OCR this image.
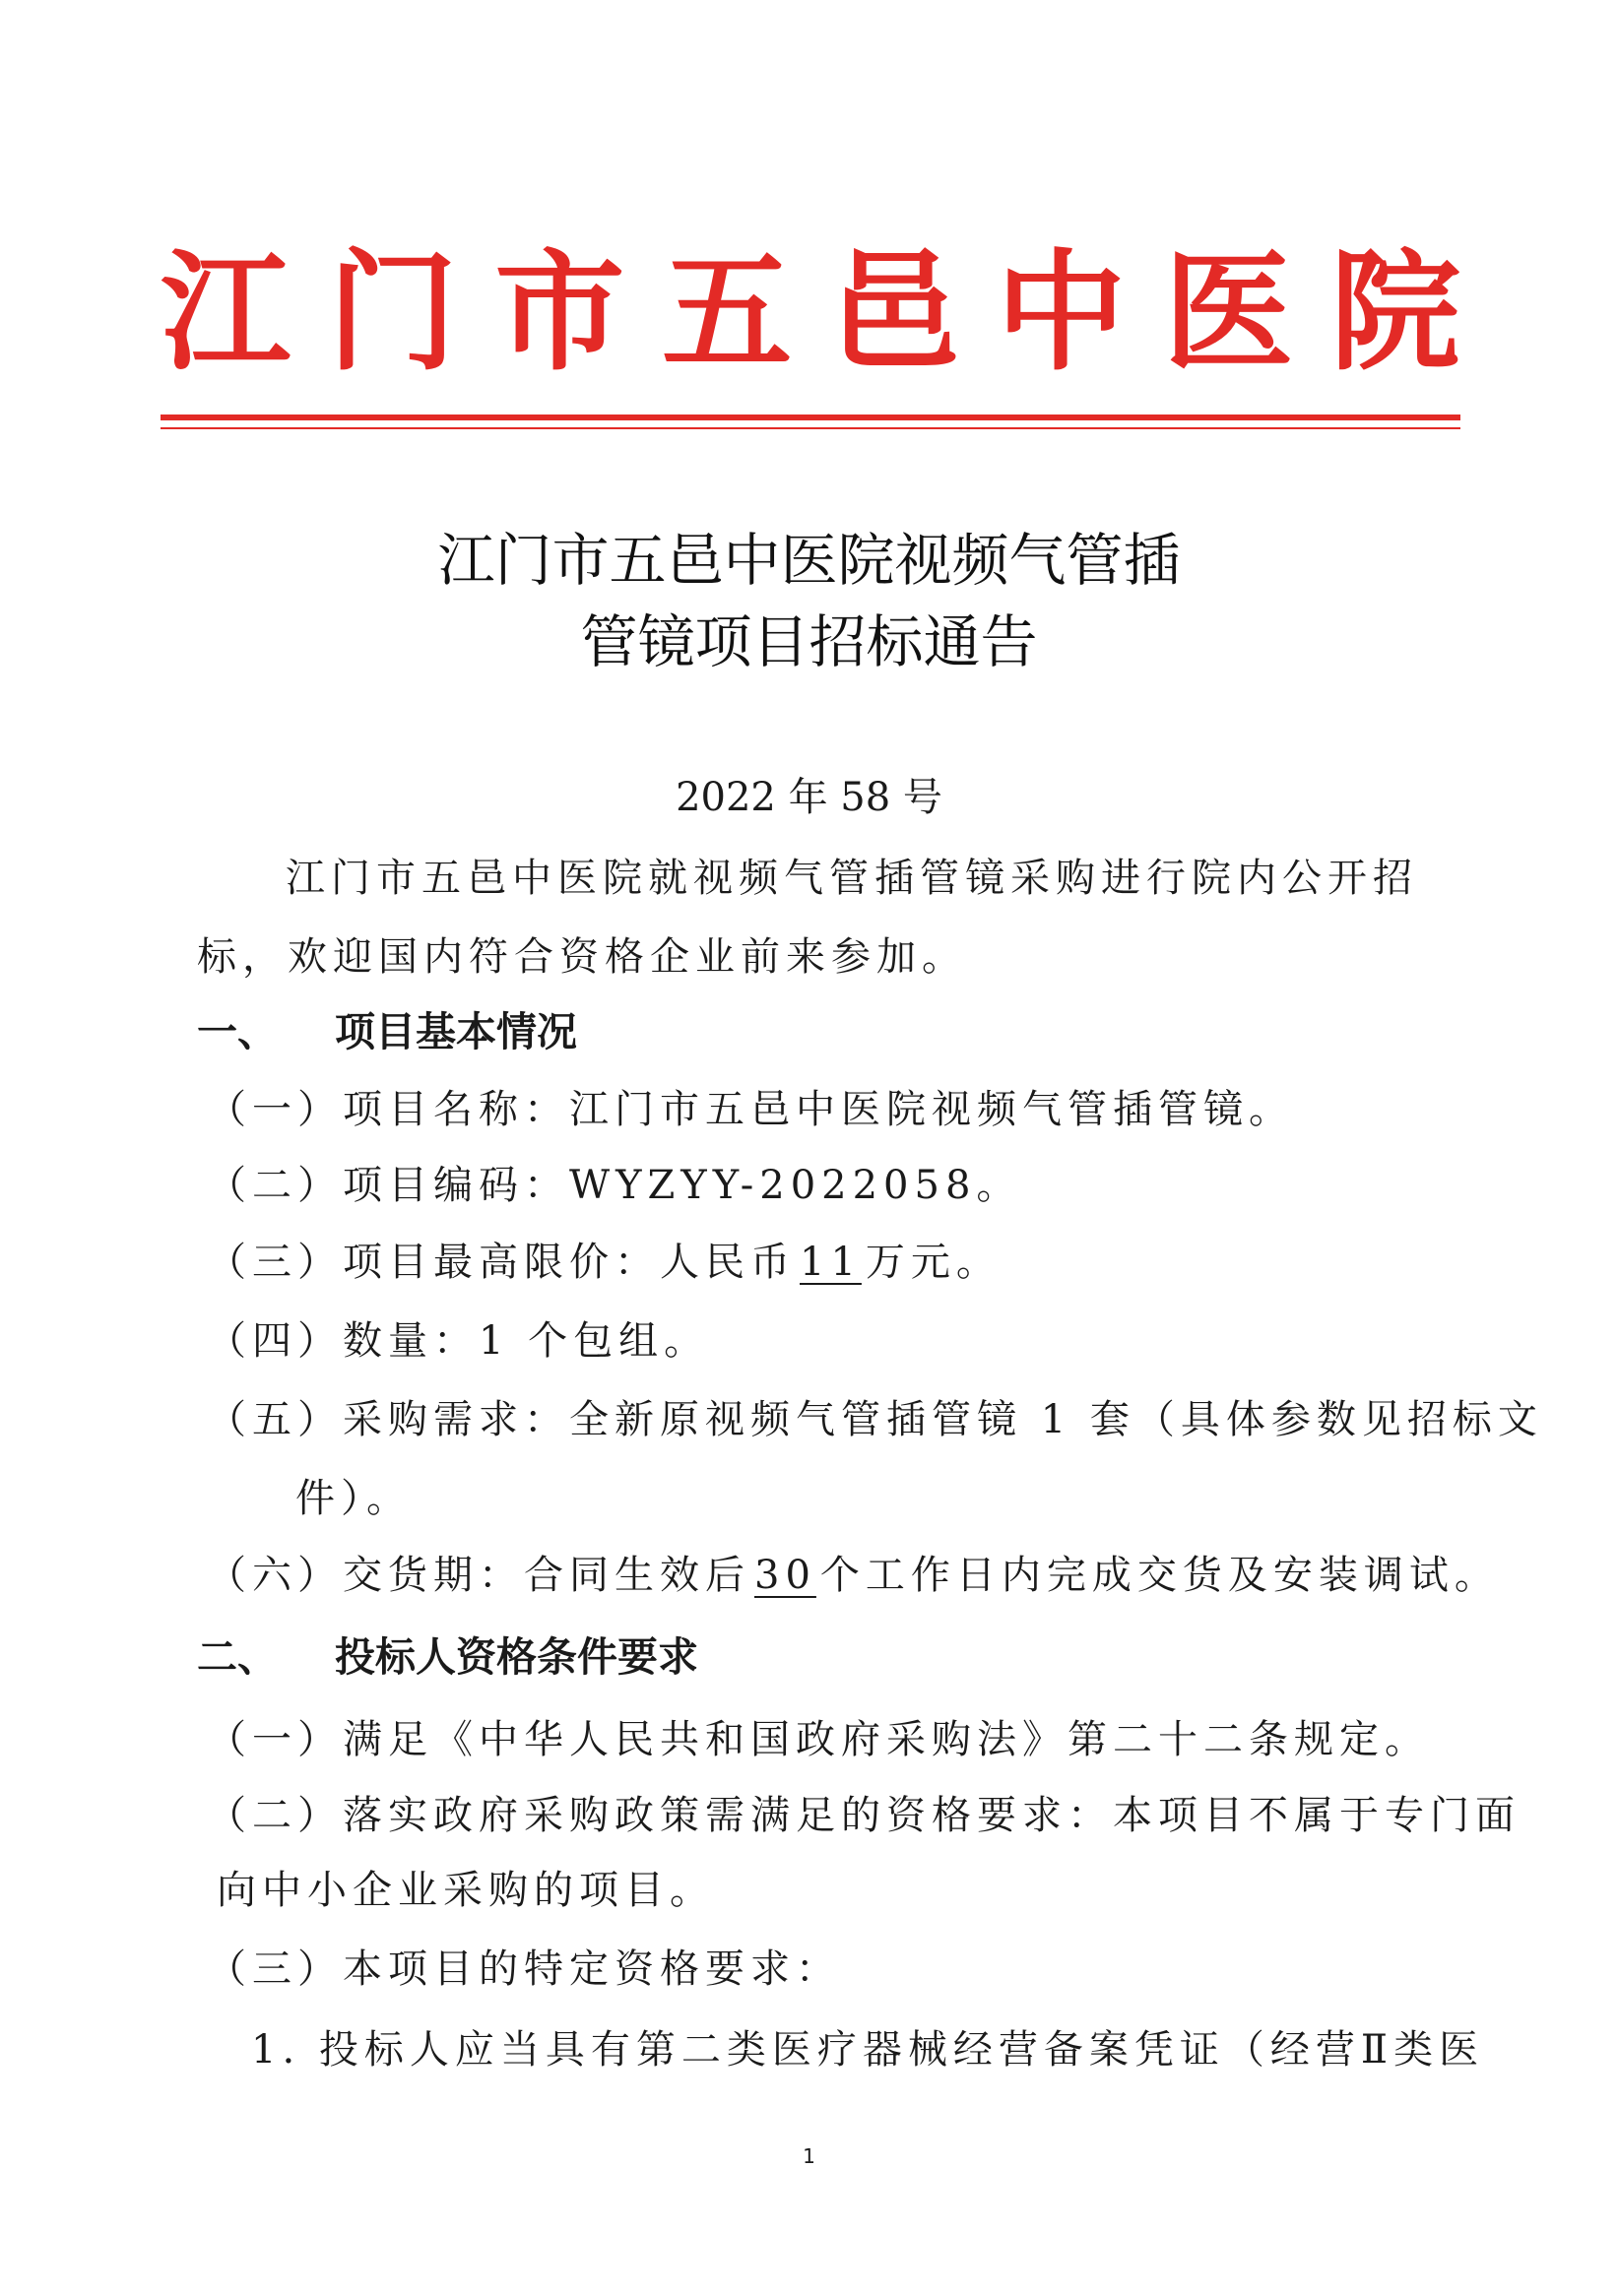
江 门 市 五 邑 中 医 院
江门市五邑中医院视频气管插
管镜项目招标通告
2022 年 58 号
江门市五邑中医院就视频气管插管镜采购进行院内公开招
标，欢迎国内符合资格企业前来参加。
一、 项目基本情况
（一）项目名称：江门市五邑中医院视频气管插管镜。
（二）项目编码：WYZYY-2022058。
（三）项目最高限价：人民币 11 万元。
（四）数量：1 个包组。
（五）采购需求：全新原视频气管插管镜 1 套（具体参数见招标文
件）。
（六）交货期：合同生效后 30 个工作日内完成交货及安装调试。
二、 投标人资格条件要求
（一）满足《中华人民共和国政府采购法》第二十二条规定。
（二）落实政府采购政策需满足的资格要求：本项目不属于专门面
向中小企业采购的项目。
（三）本项目的特定资格要求：
1. 投标人应当具有第二类医疗器械经营备案凭证（经营Ⅱ类医
1
